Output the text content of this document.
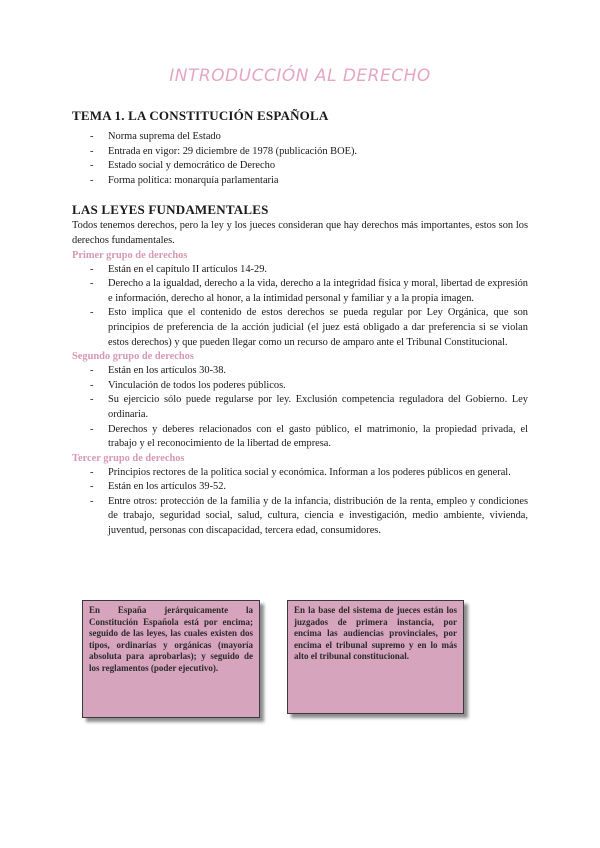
INTRODUCCIÓN AL DERECHO
TEMA 1. LA CONSTITUCIÓN ESPAÑOLA
- Norma suprema del Estado
- Entrada en vigor: 29 diciembre de 1978 (publicación BOE).
- Estado social y democrático de Derecho
- Forma política: monarquía parlamentaria
LAS LEYES FUNDAMENTALES

Todos tenemos derechos, pero la ley y los jueces consideran que hay derechos más importantes, estos son los derechos fundamentales.

Primer grupo de derechos
- Están en el capítulo II artículos 14-29.
- Derecho a la igualdad, derecho a la vida, derecho a la integridad física y moral, libertad de expresión e información, derecho al honor, a la intimidad personal y familiar y a la propia imagen.
- Esto implica que el contenido de estos derechos se pueda regular por Ley Orgánica, que son principios de preferencia de la acción judicial (el juez está obligado a dar preferencia si se violan estos derechos) y que pueden llegar como un recurso de amparo ante el Tribunal Constitucional.
Segundo grupo de derechos
- Están en los artículos 30-38.
- Vinculación de todos los poderes públicos.
- Su ejercicio sólo puede regularse por ley. Exclusión competencia reguladora del Gobierno. Ley ordinaria.
- Derechos y deberes relacionados con el gasto público, el matrimonio, la propiedad privada, el trabajo y el reconocimiento de la libertad de empresa.
Tercer grupo de derechos
- Principios rectores de la política social y económica. Informan a los poderes públicos en general.
- Están en los artículos 39-52.
- Entre otros: protección de la familia y de la infancia, distribución de la renta, empleo y condiciones de trabajo, seguridad social, salud, cultura, ciencia e investigación, medio ambiente, vivienda, juventud, personas con discapacidad, tercera edad, consumidores.
En España jerárquicamente la Constitución Española está por encima; seguido de las leyes, las cuales existen dos tipos, ordinarias y orgánicas (mayoría absoluta para aprobarlas); y seguido de los reglamentos (poder ejecutivo).
En la base del sistema de jueces están los juzgados de primera instancia, por encima las audiencias provinciales, por encima el tribunal supremo y en lo más alto el tribunal constitucional.
